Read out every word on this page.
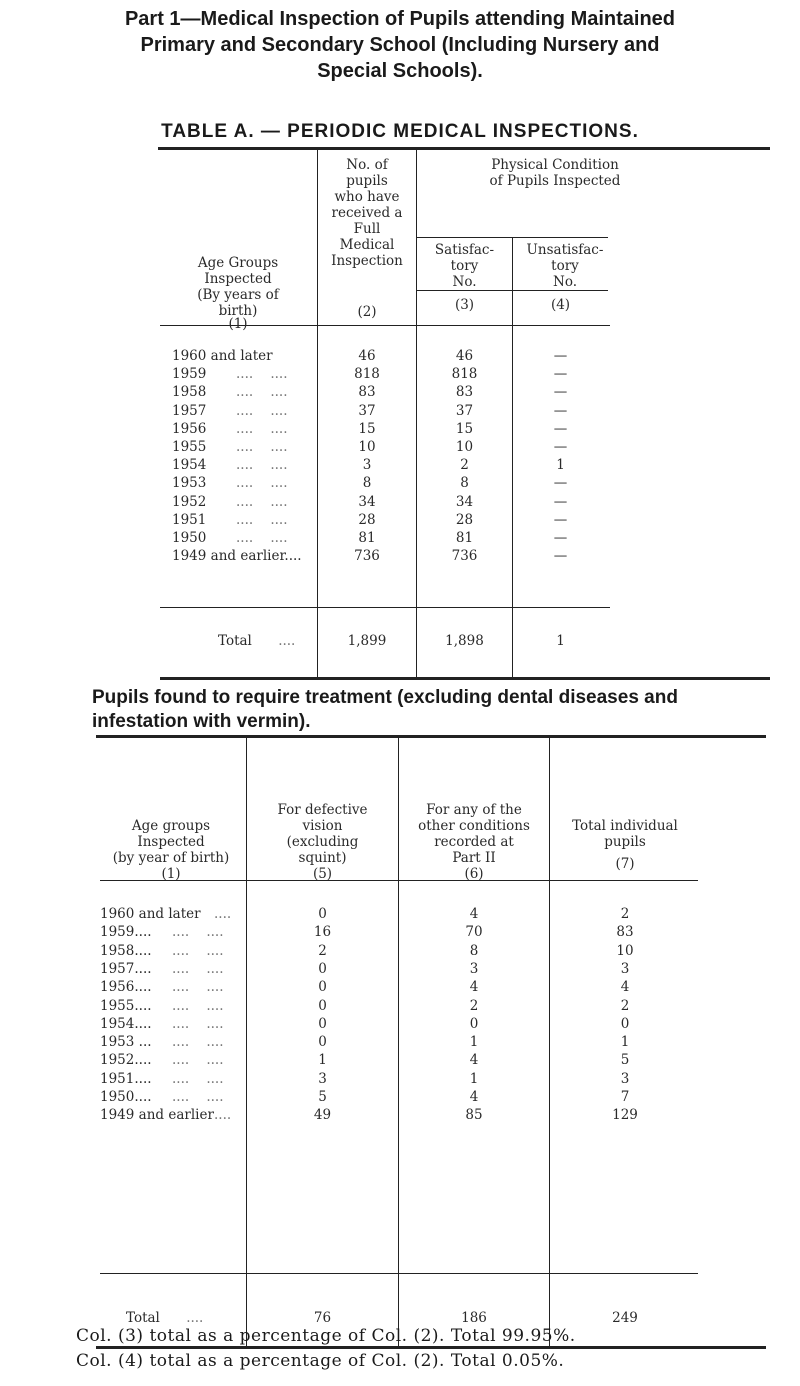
Part 1—Medical Inspection of Pupils attending Maintained
Primary and Secondary School (Including Nursery and
Special Schools).
TABLE A. — PERIODIC MEDICAL INSPECTIONS.
Age Groups
Inspected
(By years of
birth)
(1)
No. of
pupils
who have
received a
Full
Medical
Inspection
(2)
Physical Condition
of Pupils Inspected
Satisfac-
tory
No.
(3)
Unsatisfac-
tory
No.
(4)
1960 and later	46	46	—
1959 ....    ....	818	818	—
1958 ....    ....	83	83	—
1957 ....    ....	37	37	—
1956 ....    ....	15	15	—
1955 ....    ....	10	10	—
1954 ....    ....	3	2	1
1953 ....    ....	8	8	—
1952 ....    ....	34	34	—
1951 ....    ....	28	28	—
1950 ....    ....	81	81	—
1949 and earlier....	736	736	—
Total ....	1,899	1,898	1
Pupils found to require treatment (excluding dental diseases and
infestation with vermin).
Age groups
Inspected
(by year of birth)
(1)
For defective
vision
(excluding
squint)
(5)
For any of the
other conditions
recorded at
Part II
(6)
Total individual
pupils
(7)
1960 and later ....	0	4	2
1959.... ....    ....	16	70	83
1958.... ....    ....	2	8	10
1957.... ....    ....	0	3	3
1956.... ....    ....	0	4	4
1955.... ....    ....	0	2	2
1954.... ....    ....	0	0	0
1953 ... ....    ....	0	1	1
1952.... ....    ....	1	4	5
1951.... ....    ....	3	1	3
1950.... ....    ....	5	4	7
1949 and earlier ....	49	85	129
Total ....	76	186	249
Col. (3) total as a percentage of Col. (2). Total 99.95%.
Col. (4) total as a percentage of Col. (2). Total 0.05%.
